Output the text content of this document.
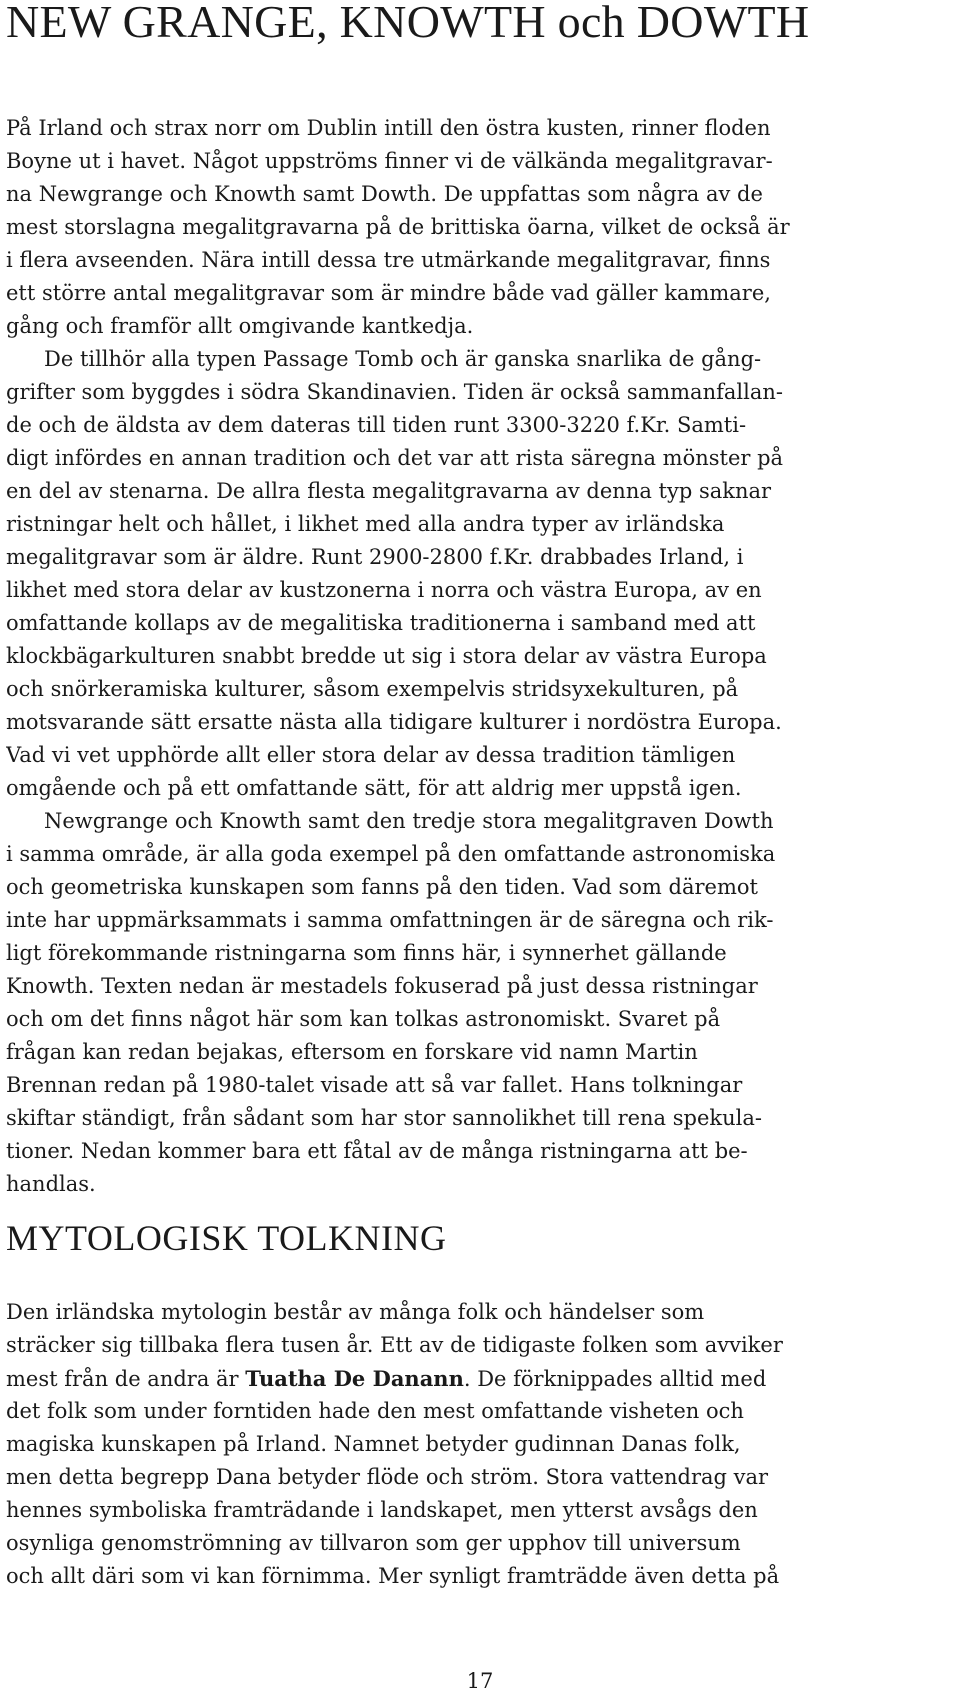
NEW GRANGE, KNOWTH och DOWTH
På Irland och strax norr om Dublin intill den östra kusten, rinner floden
Boyne ut i havet. Något uppströms finner vi de välkända megalitgravar-
na Newgrange och Knowth samt Dowth. De uppfattas som några av de
mest storslagna megalitgravarna på de brittiska öarna, vilket de också är
i flera avseenden. Nära intill dessa tre utmärkande megalitgravar, finns
ett större antal megalitgravar som är mindre både vad gäller kammare,
gång och framför allt omgivande kantkedja.
De tillhör alla typen Passage Tomb och är ganska snarlika de gång-
grifter som byggdes i södra Skandinavien. Tiden är också sammanfallan-
de och de äldsta av dem dateras till tiden runt 3300-3220 f.Kr. Samti-
digt infördes en annan tradition och det var att rista säregna mönster på
en del av stenarna. De allra flesta megalitgravarna av denna typ saknar
ristningar helt och hållet, i likhet med alla andra typer av irländska
megalitgravar som är äldre. Runt 2900-2800 f.Kr. drabbades Irland, i
likhet med stora delar av kustzonerna i norra och västra Europa, av en
omfattande kollaps av de megalitiska traditionerna i samband med att
klockbägarkulturen snabbt bredde ut sig i stora delar av västra Europa
och snörkeramiska kulturer, såsom exempelvis stridsyxekulturen, på
motsvarande sätt ersatte nästa alla tidigare kulturer i nordöstra Europa.
Vad vi vet upphörde allt eller stora delar av dessa tradition tämligen
omgående och på ett omfattande sätt, för att aldrig mer uppstå igen.
Newgrange och Knowth samt den tredje stora megalitgraven Dowth
i samma område, är alla goda exempel på den omfattande astronomiska
och geometriska kunskapen som fanns på den tiden. Vad som däremot
inte har uppmärksammats i samma omfattningen är de säregna och rik-
ligt förekommande ristningarna som finns här, i synnerhet gällande
Knowth. Texten nedan är mestadels fokuserad på just dessa ristningar
och om det finns något här som kan tolkas astronomiskt. Svaret på
frågan kan redan bejakas, eftersom en forskare vid namn Martin
Brennan redan på 1980-talet visade att så var fallet. Hans tolkningar
skiftar ständigt, från sådant som har stor sannolikhet till rena spekula-
tioner. Nedan kommer bara ett fåtal av de många ristningarna att be-
handlas.
MYTOLOGISK TOLKNING
Den irländska mytologin består av många folk och händelser som
sträcker sig tillbaka flera tusen år. Ett av de tidigaste folken som avviker
mest från de andra är Tuatha De Danann. De förknippades alltid med
det folk som under forntiden hade den mest omfattande visheten och
magiska kunskapen på Irland. Namnet betyder gudinnan Danas folk,
men detta begrepp Dana betyder flöde och ström. Stora vattendrag var
hennes symboliska framträdande i landskapet, men ytterst avsågs den
osynliga genomströmning av tillvaron som ger upphov till universum
och allt däri som vi kan förnimma. Mer synligt framträdde även detta på
17
